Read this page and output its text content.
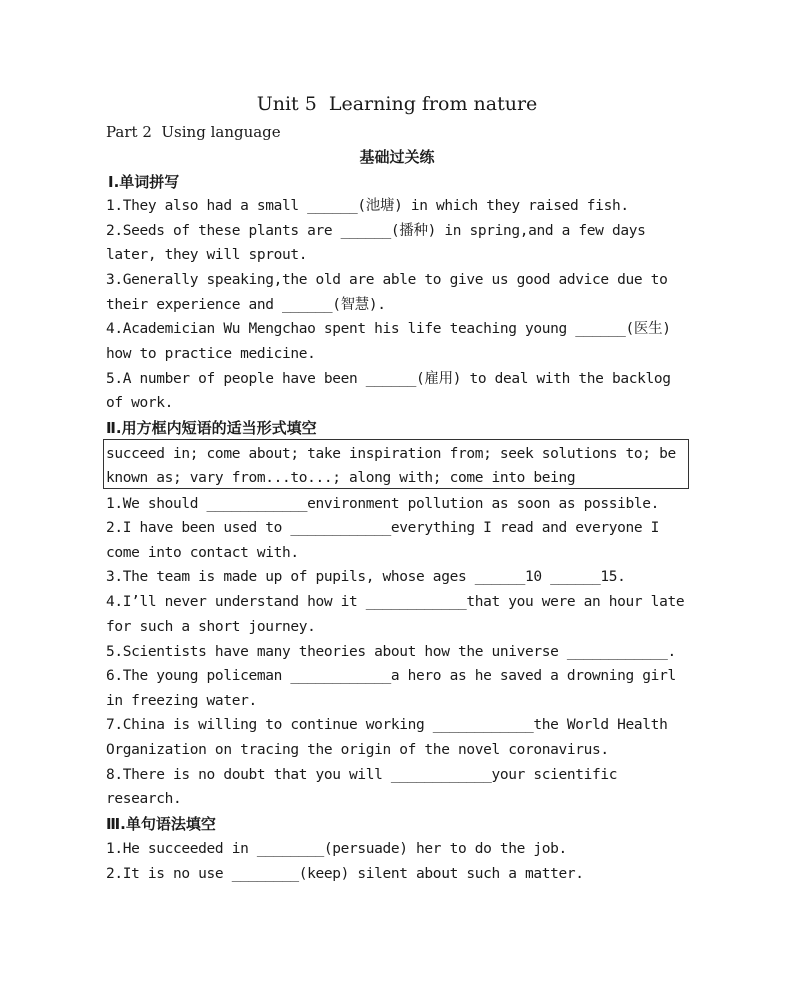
Unit 5  Learning from nature
Part 2  Using language
基础过关练
Ⅰ.单词拼写
1.They also had a small ______(池塘) in which they raised fish.
2.Seeds of these plants are ______(播种) in spring,and a few days
later, they will sprout.
3.Generally speaking,the old are able to give us good advice due to
their experience and ______(智慧).
4.Academician Wu Mengchao spent his life teaching young ______(医生)
how to practice medicine.
5.A number of people have been ______(雇用) to deal with the backlog
of work.
Ⅱ.用方框内短语的适当形式填空
succeed in; come about; take inspiration from; seek solutions to; be
known as; vary from...to...; along with; come into being
1.We should ____________environment pollution as soon as possible.
2.I have been used to ____________everything I read and everyone I
come into contact with.
3.The team is made up of pupils, whose ages ______10 ______15.
4.I’ll never understand how it ____________that you were an hour late
for such a short journey.
5.Scientists have many theories about how the universe ____________.
6.The young policeman ____________a hero as he saved a drowning girl
in freezing water.
7.China is willing to continue working ____________the World Health
Organization on tracing the origin of the novel coronavirus.
8.There is no doubt that you will ____________your scientific
research.
Ⅲ.单句语法填空
1.He succeeded in ________(persuade) her to do the job.
2.It is no use ________(keep) silent about such a matter.
